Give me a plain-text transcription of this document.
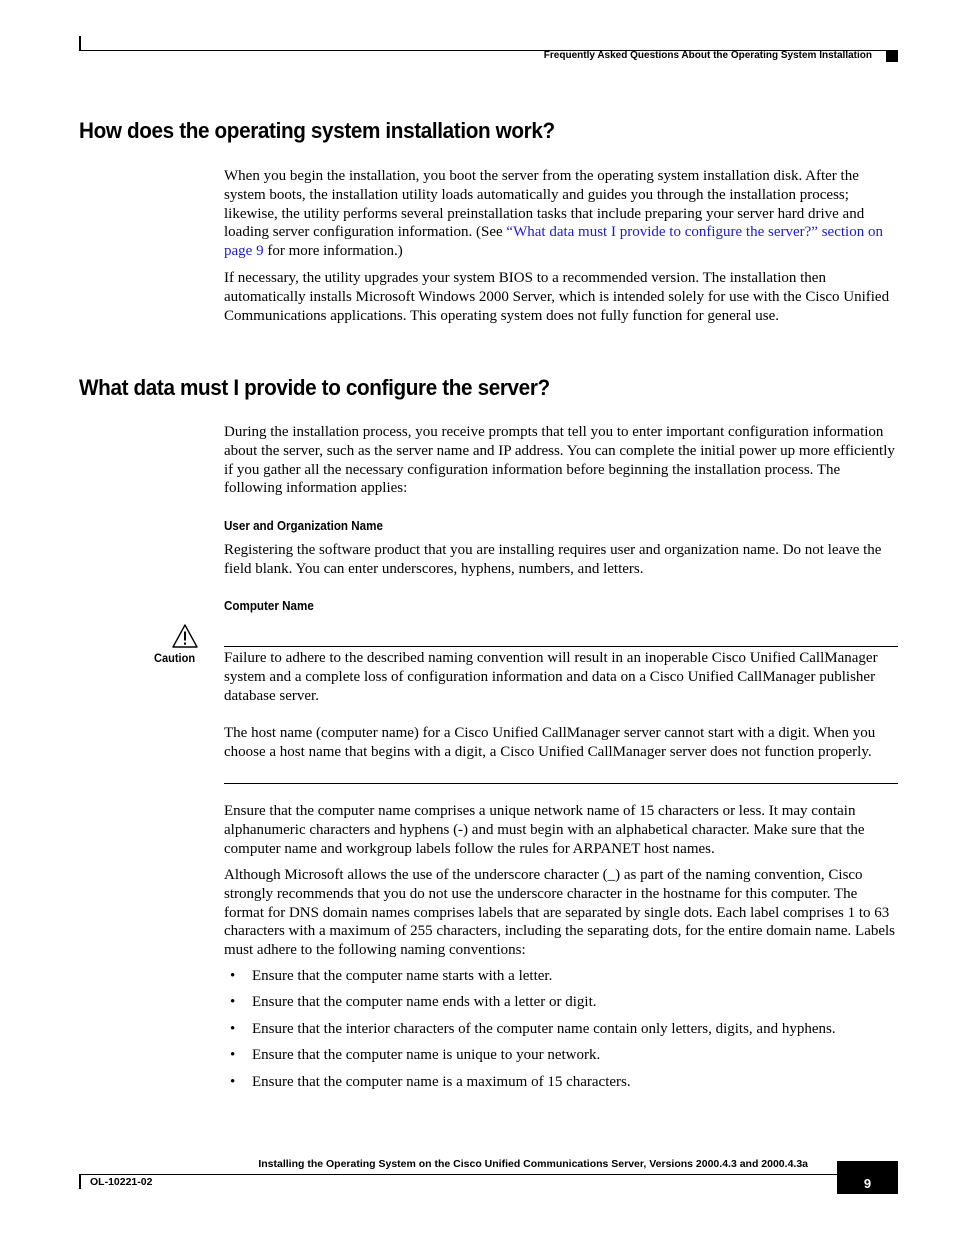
Frequently Asked Questions About the Operating System Installation
How does the operating system installation work?
When you begin the installation, you boot the server from the operating system installation disk. After the system boots, the installation utility loads automatically and guides you through the installation process; likewise, the utility performs several preinstallation tasks that include preparing your server hard drive and loading server configuration information. (See “What data must I provide to configure the server?” section on page 9 for more information.)
If necessary, the utility upgrades your system BIOS to a recommended version. The installation then automatically installs Microsoft Windows 2000 Server, which is intended solely for use with the Cisco Unified Communications applications. This operating system does not fully function for general use.
What data must I provide to configure the server?
During the installation process, you receive prompts that tell you to enter important configuration information about the server, such as the server name and IP address. You can complete the initial power up more efficiently if you gather all the necessary configuration information before beginning the installation process. The following information applies:
User and Organization Name
Registering the software product that you are installing requires user and organization name. Do not leave the field blank. You can enter underscores, hyphens, numbers, and letters.
Computer Name
Caution Failure to adhere to the described naming convention will result in an inoperable Cisco Unified CallManager system and a complete loss of configuration information and data on a Cisco Unified CallManager publisher database server.
The host name (computer name) for a Cisco Unified CallManager server cannot start with a digit. When you choose a host name that begins with a digit, a Cisco Unified CallManager server does not function properly.
Ensure that the computer name comprises a unique network name of 15 characters or less. It may contain alphanumeric characters and hyphens (-) and must begin with an alphabetical character. Make sure that the computer name and workgroup labels follow the rules for ARPANET host names.
Although Microsoft allows the use of the underscore character (_) as part of the naming convention, Cisco strongly recommends that you do not use the underscore character in the hostname for this computer. The format for DNS domain names comprises labels that are separated by single dots. Each label comprises 1 to 63 characters with a maximum of 255 characters, including the separating dots, for the entire domain name. Labels must adhere to the following naming conventions:
• Ensure that the computer name starts with a letter.
• Ensure that the computer name ends with a letter or digit.
• Ensure that the interior characters of the computer name contain only letters, digits, and hyphens.
• Ensure that the computer name is unique to your network.
• Ensure that the computer name is a maximum of 15 characters.
Installing the Operating System on the Cisco Unified Communications Server, Versions 2000.4.3 and 2000.4.3a
OL-10221-02	9
